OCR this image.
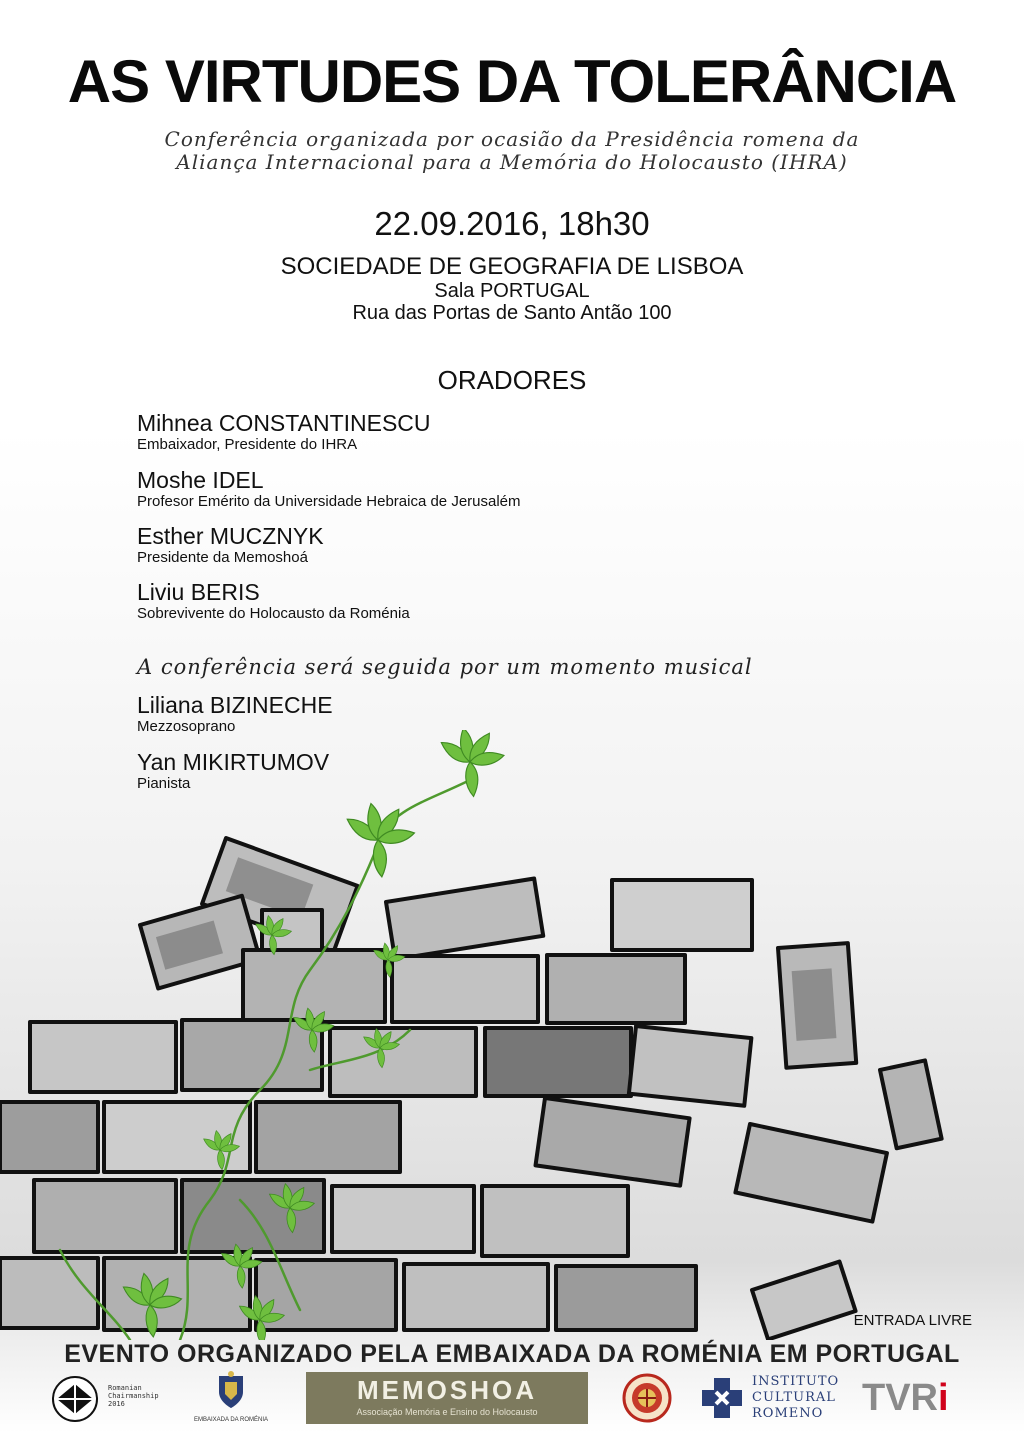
AS VIRTUDES DA TOLERÂNCIA
Conferência organizada por ocasião da Presidência romena da
Aliança Internacional para a Memória do Holocausto (IHRA)
22.09.2016, 18h30
SOCIEDADE DE GEOGRAFIA DE LISBOA
Sala PORTUGAL
Rua das Portas de Santo Antão 100
ORADORES
Mihnea CONSTANTINESCU
Embaixador, Presidente do IHRA
Moshe IDEL
Profesor Emérito da Universidade Hebraica de Jerusalém
Esther MUCZNYK
Presidente da Memoshoá
Liviu BERIS
Sobrevivente do Holocausto da Roménia
A conferência será seguida por um momento musical
Liliana BIZINECHE
Mezzosoprano
Yan MIKIRTUMOV
Pianista
ENTRADA LIVRE
EVENTO ORGANIZADO PELA EMBAIXADA DA ROMÉNIA EM PORTUGAL
Romanian
Chairmanship
2016
EMBAIXADA DA ROMÉNIA
MEMOSHOA
Associação Memória e Ensino do Holocausto
INSTITUTO
CULTURAL
ROMENO	TVRi
